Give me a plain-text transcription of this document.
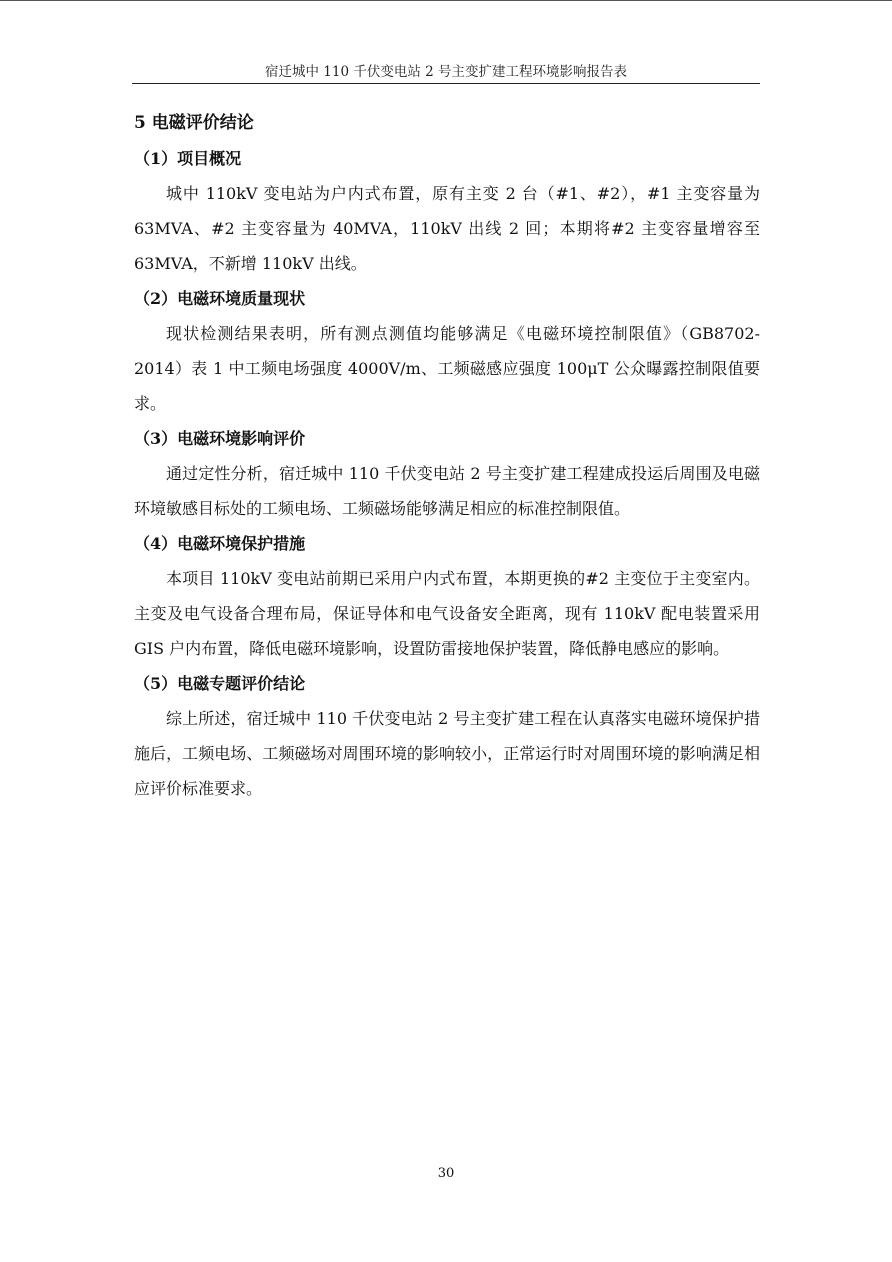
宿迁城中 110 千伏变电站 2 号主变扩建工程环境影响报告表

5 电磁评价结论

（1）项目概况

城中 110kV 变电站为户内式布置，原有主变 2 台（#1、#2），#1 主变容量为 63MVA、#2 主变容量为 40MVA，110kV 出线 2 回；本期将#2 主变容量增容至 63MVA，不新增 110kV 出线。

（2）电磁环境质量现状

现状检测结果表明，所有测点测值均能够满足《电磁环境控制限值》（GB8702-2014）表 1 中工频电场强度 4000V/m、工频磁感应强度 100μT 公众曝露控制限值要求。

（3）电磁环境影响评价

通过定性分析，宿迁城中 110 千伏变电站 2 号主变扩建工程建成投运后周围及电磁环境敏感目标处的工频电场、工频磁场能够满足相应的标准控制限值。

（4）电磁环境保护措施

本项目 110kV 变电站前期已采用户内式布置，本期更换的#2 主变位于主变室内。主变及电气设备合理布局，保证导体和电气设备安全距离，现有 110kV 配电装置采用 GIS 户内布置，降低电磁环境影响，设置防雷接地保护装置，降低静电感应的影响。

（5）电磁专题评价结论

综上所述，宿迁城中 110 千伏变电站 2 号主变扩建工程在认真落实电磁环境保护措施后，工频电场、工频磁场对周围环境的影响较小，正常运行时对周围环境的影响满足相应评价标准要求。

30
